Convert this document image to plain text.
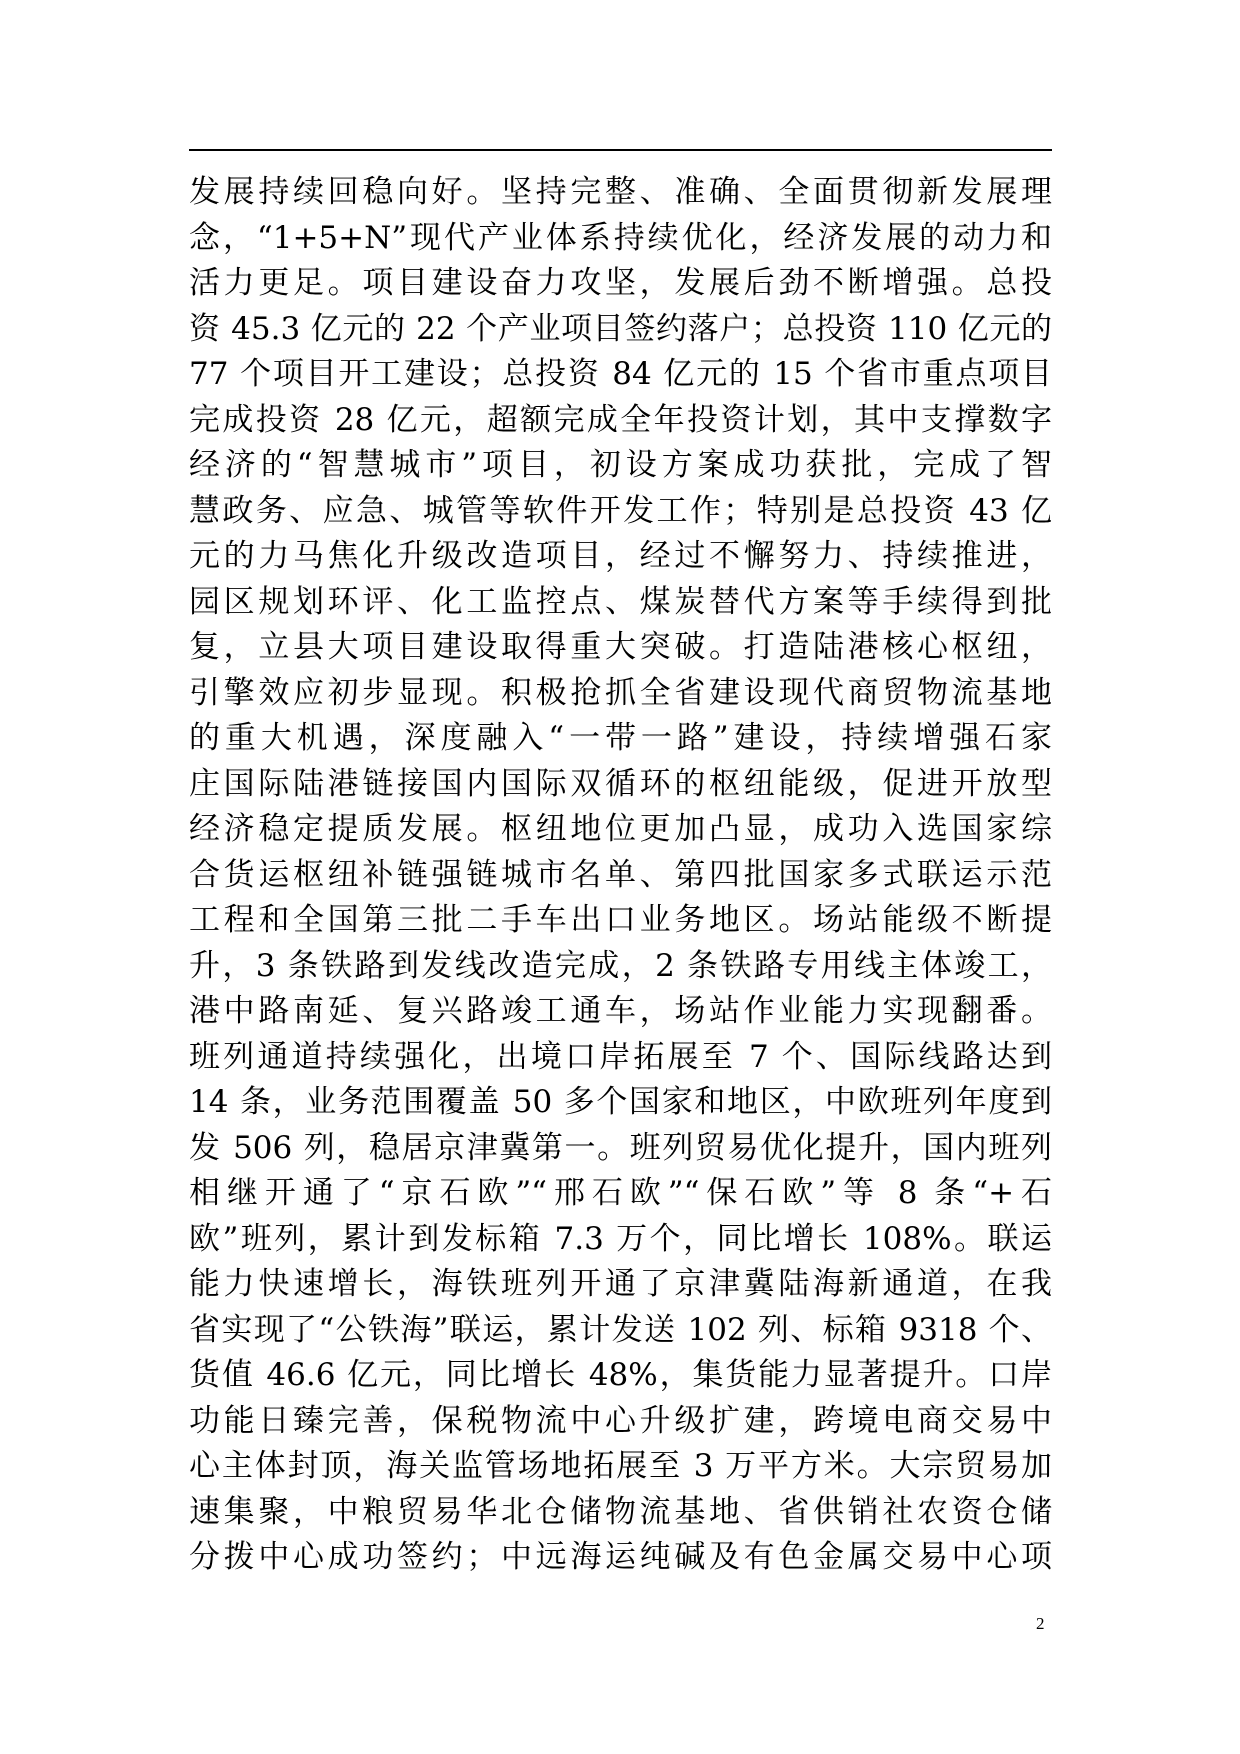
发展持续回稳向好。坚持完整、准确、全面贯彻新发展理
念，“1+5+N”现代产业体系持续优化，经济发展的动力和
活力更足。项目建设奋力攻坚，发展后劲不断增强。总投
资 45.3 亿元的 22 个产业项目签约落户；总投资 110 亿元的
77 个项目开工建设；总投资 84 亿元的 15 个省市重点项目
完成投资 28 亿元，超额完成全年投资计划，其中支撑数字
经济的“智慧城市”项目，初设方案成功获批，完成了智
慧政务、应急、城管等软件开发工作；特别是总投资 43 亿
元的力马焦化升级改造项目，经过不懈努力、持续推进，
园区规划环评、化工监控点、煤炭替代方案等手续得到批
复，立县大项目建设取得重大突破。打造陆港核心枢纽，
引擎效应初步显现。积极抢抓全省建设现代商贸物流基地
的重大机遇，深度融入“一带一路”建设，持续增强石家
庄国际陆港链接国内国际双循环的枢纽能级，促进开放型
经济稳定提质发展。枢纽地位更加凸显，成功入选国家综
合货运枢纽补链强链城市名单、第四批国家多式联运示范
工程和全国第三批二手车出口业务地区。场站能级不断提
升，3 条铁路到发线改造完成，2 条铁路专用线主体竣工，
港中路南延、复兴路竣工通车，场站作业能力实现翻番。
班列通道持续强化，出境口岸拓展至 7 个、国际线路达到
14 条，业务范围覆盖 50 多个国家和地区，中欧班列年度到
发 506 列，稳居京津冀第一。班列贸易优化提升，国内班列
相继开通了“京石欧”“邢石欧”“保石欧”等 8 条“+石
欧”班列，累计到发标箱 7.3 万个，同比增长 108%。联运
能力快速增长，海铁班列开通了京津冀陆海新通道，在我
省实现了“公铁海”联运，累计发送 102 列、标箱 9318 个、
货值 46.6 亿元，同比增长 48%，集货能力显著提升。口岸
功能日臻完善，保税物流中心升级扩建，跨境电商交易中
心主体封顶，海关监管场地拓展至 3 万平方米。大宗贸易加
速集聚，中粮贸易华北仓储物流基地、省供销社农资仓储
分拨中心成功签约；中远海运纯碱及有色金属交易中心项
2
